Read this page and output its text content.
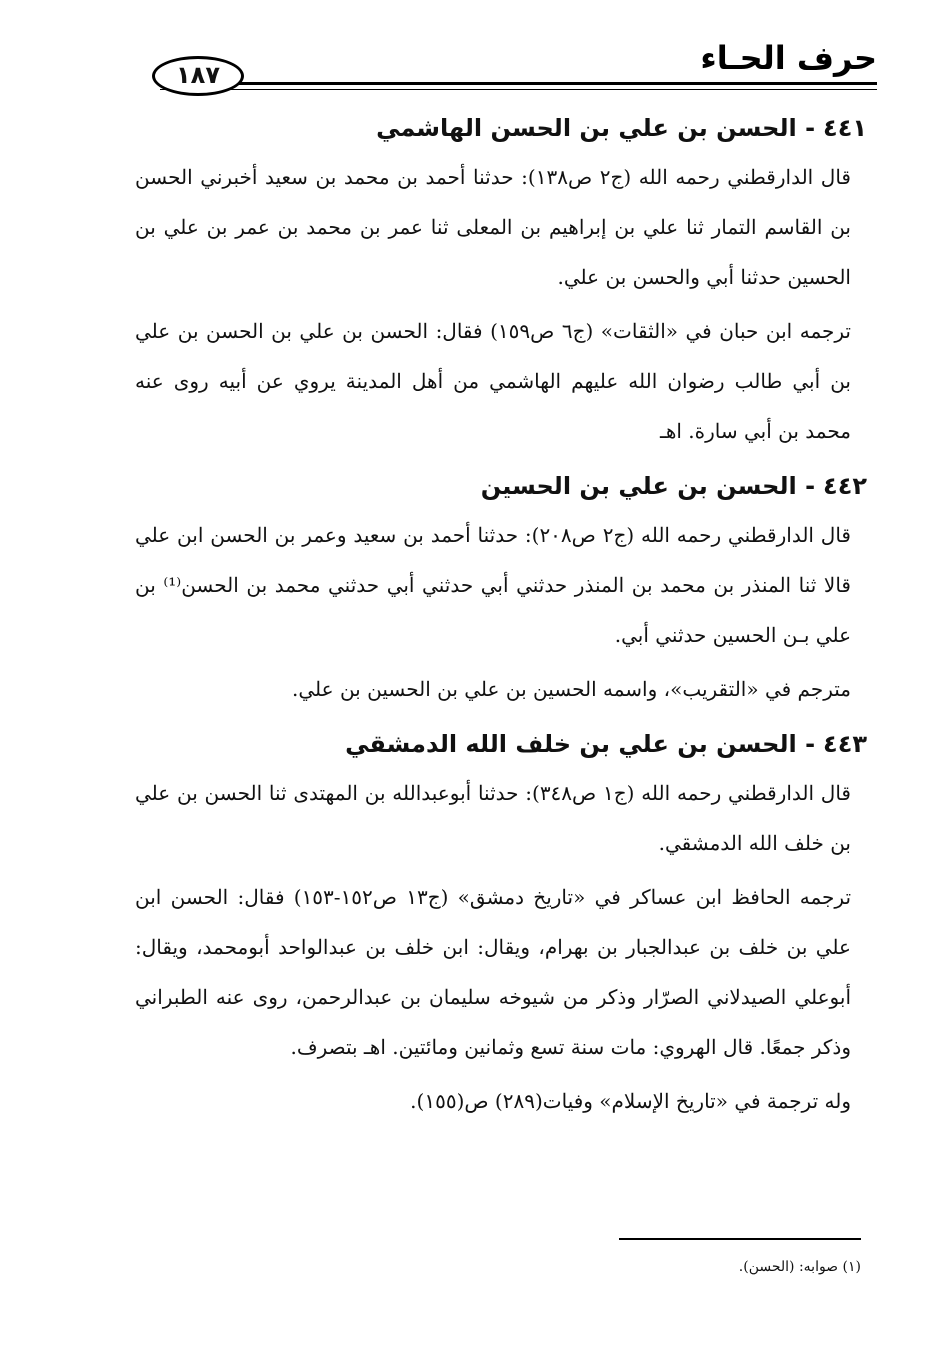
حرف الحـاء
١٨٧
٤٤١- الحسن بن علي بن الحسن الهاشمي

قال الدارقطني رحمه الله (ج٢ ص١٣٨): حدثنا أحمد بن محمد بن سعيد أخبرني الحسن بن القاسم التمار ثنا علي بن إبراهيم بن المعلى ثنا عمر بن محمد بن عمر بن علي بن الحسين حدثنا أبي والحسن بن علي.

ترجمه ابن حبان في «الثقات» (ج٦ ص١٥٩) فقال: الحسن بن علي بن الحسن بن علي بن أبي طالب رضوان الله عليهم الهاشمي من أهل المدينة يروي عن أبيه روى عنه محمد بن أبي سارة. اهـ

٤٤٢- الحسن بن علي بن الحسين

قال الدارقطني رحمه الله (ج٢ ص٢٠٨): حدثنا أحمد بن سعيد وعمر بن الحسن ابن علي قالا ثنا المنذر بن محمد بن المنذر حدثني أبي حدثني أبي حدثني محمد بن الحسن⁽¹⁾ بن علي بـن الحسين حدثني أبي.

مترجم في «التقريب»، واسمه الحسين بن علي بن الحسين بن علي.

٤٤٣- الحسن بن علي بن خلف الله الدمشقي

قال الدارقطني رحمه الله (ج١ ص٣٤٨): حدثنا أبوعبدالله بن المهتدى ثنا الحسن بن علي بن خلف الله الدمشقي.

ترجمه الحافظ ابن عساكر في «تاريخ دمشق» (ج١٣ ص١٥٢-١٥٣) فقال: الحسن ابن علي بن خلف بن عبدالجبار بن بهرام، ويقال: ابن خلف بن عبدالواحد أبومحمد، ويقال: أبوعلي الصيدلاني الصرّار وذكر من شيوخه سليمان بن عبدالرحمن، روى عنه الطبراني وذكر جمعًا. قال الهروي: مات سنة تسع وثمانين ومائتين. اهـ بتصرف.

وله ترجمة في «تاريخ الإسلام» وفيات(٢٨٩) ص(١٥٥).

(١) صوابه: (الحسن).
